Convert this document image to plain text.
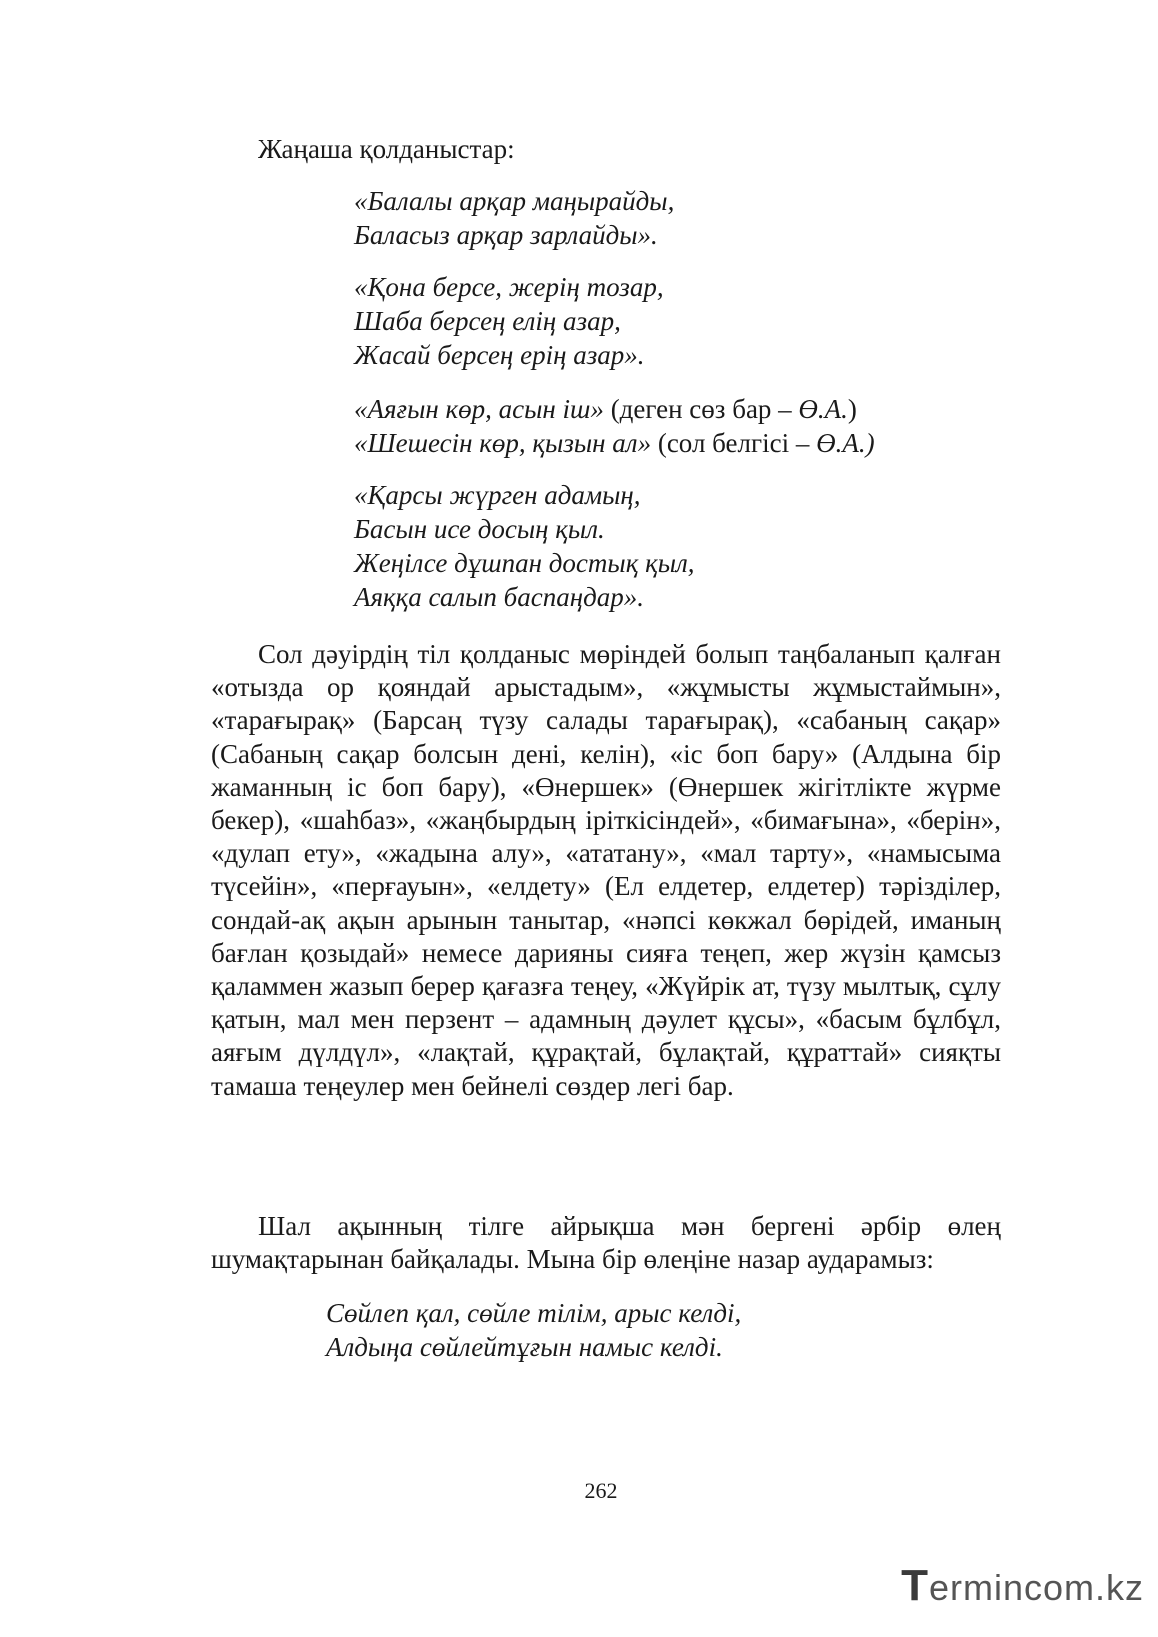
Жаңаша қолданыстар:
«Балалы арқар маңырайды,
Баласыз арқар зарлайды».
«Қона берсе, жерің тозар,
Шаба берсең елің азар,
Жасай берсең ерің азар».
«Аяғын көр, асын іш» (деген сөз бар – Ө.А.)
«Шешесін көр, қызын ал» (сол белгісі – Ө.А.)
«Қарсы жүрген адамың,
Басын исе досың қыл.
Жеңілсе дұшпан достық қыл,
Аяққа салып баспаңдар».

Сол дәуірдің тіл қолданыс мөріндей болып таңбаланып қалған «отызда ор қояндай арыстадым», «жұмысты жұмыстаймын», «тарағырақ» (Барсаң түзу салады тарағырақ), «сабаның сақар» (Сабаның сақар болсын дені, келін), «іс боп бару» (Алдына бір жаманның іс боп бару), «Өнершек» (Өнершек жігітлікте жүрме бекер), «шаһбаз», «жаңбырдың іріткісіндей», «бимағына», «берін», «дулап ету», «жадына алу», «ататану», «мал тарту», «намысыма түсейін», «перғауын», «елдету» (Ел елдетер, елдетер) тәрізділер, сондай-ақ ақын арынын танытар, «нәпсі көкжал бөрідей, иманың бағлан қозыдай» немесе дарияны сияға теңеп, жер жүзін қамсыз қаламмен жазып берер қағазға теңеу, «Жүйрік ат, түзу мылтық, сұлу қатын, мал мен перзент – адамның дәулет құсы», «басым бұлбұл, аяғым дүлдүл», «лақтай, құрақтай, бұлақтай, құраттай» сияқты тамаша теңеулер мен бейнелі сөздер легі бар.

Шал ақынның тілге айрықша мән бергені әрбір өлең шумақтарынан байқалады. Мына бір өлеңіне назар аударамыз:

Сөйлеп қал, сөйле тілім, арыс келді,
Алдыңа сөйлейтұғын намыс келді.
262
Termincom.kz
